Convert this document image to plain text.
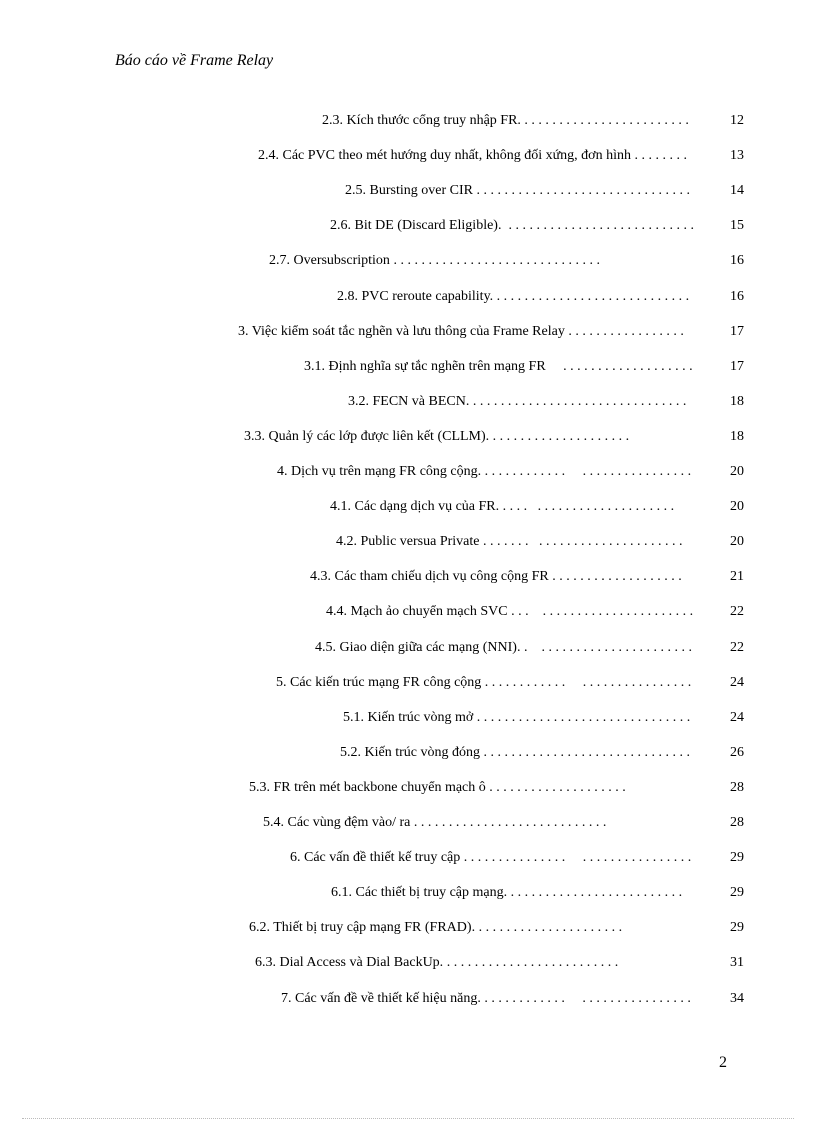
Báo cáo về Frame Relay
2.3. Kích thước cổng truy nhập FR. . . . . . . . . . . . . . . . . . . . . . . . .	12
2.4. Các PVC theo mét hướng duy nhất, không đối xứng, đơn hình . . . . . . . .	13
2.5. Bursting over CIR . . . . . . . . . . . . . . . . . . . . . . . . . . . . . . .	14
2.6. Bit DE (Discard Eligible).  . . . . . . . . . . . . . . . . . . . . . . . . . . .	15
2.7. Oversubscription . . . . . . . . . . . . . . . . . . . . . . . . . . . . . .	16
2.8. PVC reroute capability. . . . . . . . . . . . . . . . . . . . . . . . . . . . .	16
3. Việc kiểm soát tắc nghẽn và lưu thông của Frame Relay . . . . . . . . . . . . . . . . .	17
3.1. Định nghĩa sự tắc nghẽn trên mạng FR     . . . . . . . . . . . . . . . . . . .	17
3.2. FECN và BECN. . . . . . . . . . . . . . . . . . . . . . . . . . . . . . . .	18
3.3. Quản lý các lớp được liên kết (CLLM). . . . . . . . . . . . . . . . . . . . .	18
4. Dịch vụ trên mạng FR công cộng. . . . . . . . . . . . .     . . . . . . . . . . . . . . . .	20
4.1. Các dạng dịch vụ của FR. . . . .   . . . . . . . . . . . . . . . . . . . .	20
4.2. Public versua Private . . . . . . .   . . . . . . . . . . . . . . . . . . . . .	20
4.3. Các tham chiếu dịch vụ công cộng FR . . . . . . . . . . . . . . . . . . .	21
4.4. Mạch ảo chuyển mạch SVC . . .    . . . . . . . . . . . . . . . . . . . . . .	22
4.5. Giao diện giữa các mạng (NNI). .    . . . . . . . . . . . . . . . . . . . . . .	22
5. Các kiến trúc mạng FR công cộng . . . . . . . . . . . .     . . . . . . . . . . . . . . . .	24
5.1. Kiến trúc vòng mở . . . . . . . . . . . . . . . . . . . . . . . . . . . . . . .	24
5.2. Kiến trúc vòng đóng . . . . . . . . . . . . . . . . . . . . . . . . . . . . . .	26
5.3. FR trên mét backbone chuyển mạch ô . . . . . . . . . . . . . . . . . . . .	28
5.4. Các vùng đệm vào/ ra . . . . . . . . . . . . . . . . . . . . . . . . . . . .	28
6. Các vấn đề thiết kế truy cập . . . . . . . . . . . . . . .     . . . . . . . . . . . . . . . .	29
6.1. Các thiết bị truy cập mạng. . . . . . . . . . . . . . . . . . . . . . . . . .	29
6.2. Thiết bị truy cập mạng FR (FRAD). . . . . . . . . . . . . . . . . . . . . .	29
6.3. Dial Access và Dial BackUp. . . . . . . . . . . . . . . . . . . . . . . . . .	31
7. Các vấn đề về thiết kế hiệu năng. . . . . . . . . . . . .     . . . . . . . . . . . . . . . .	34
2
